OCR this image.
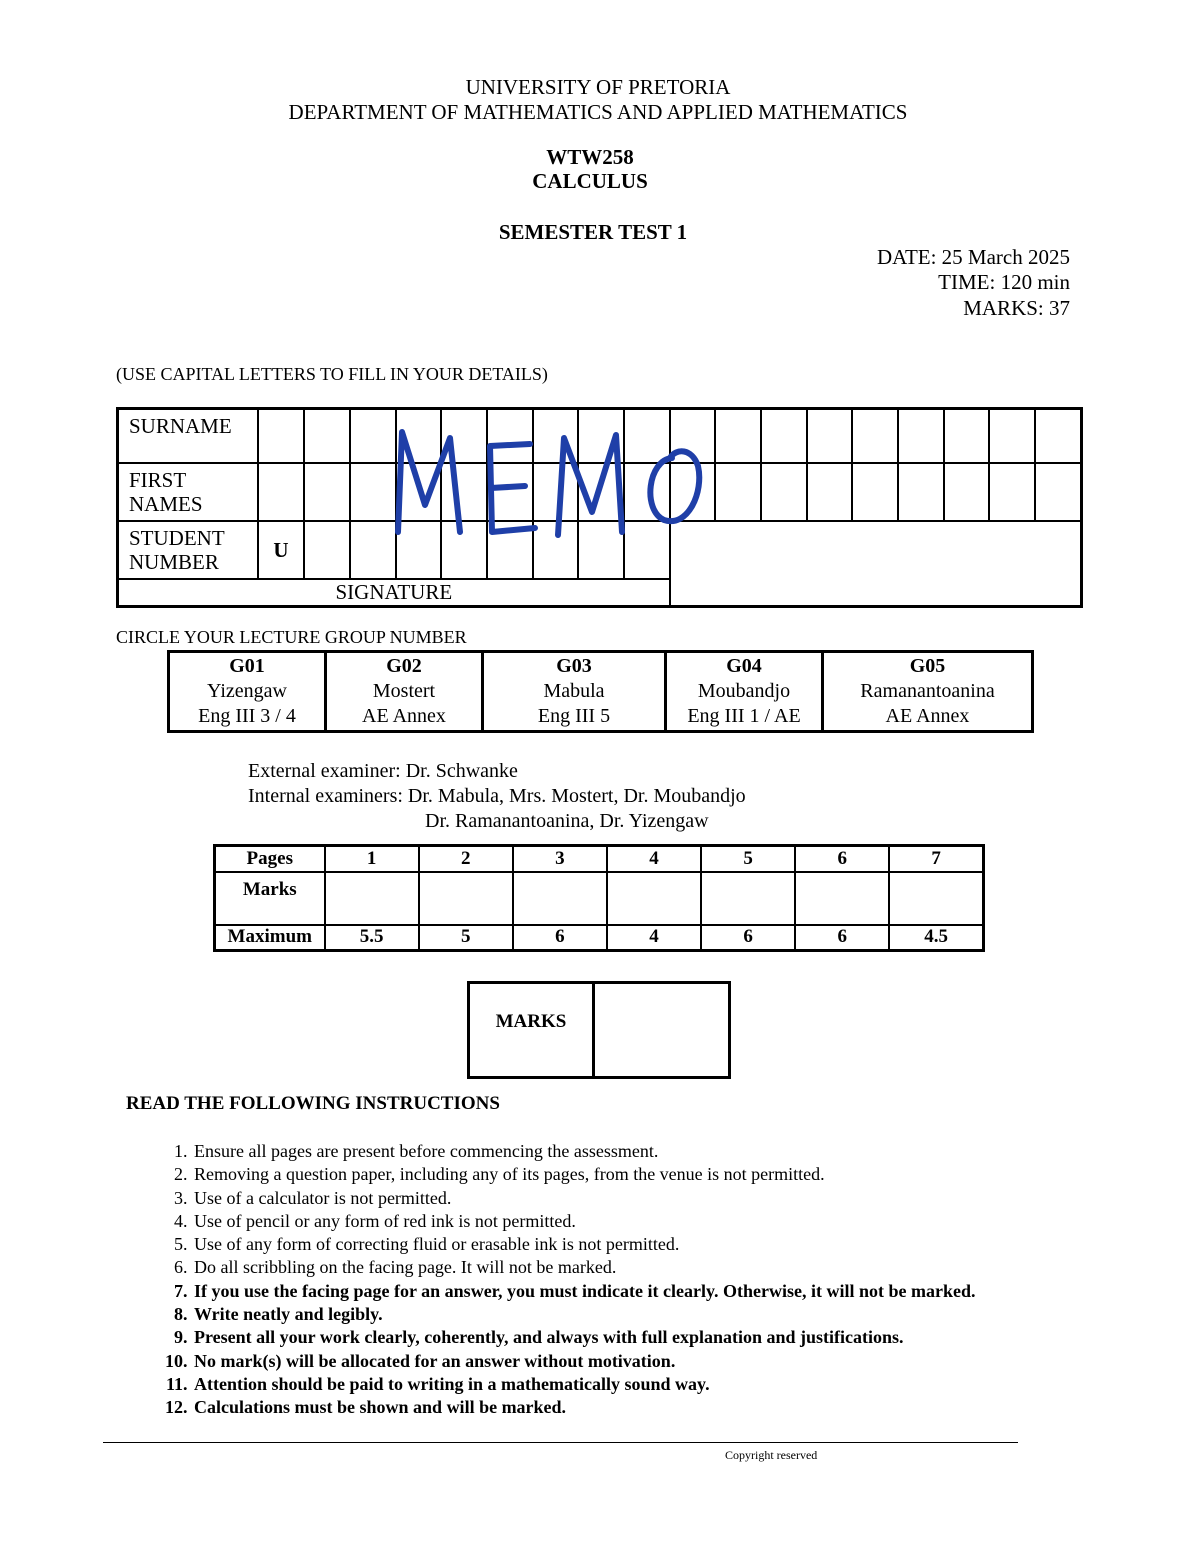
UNIVERSITY OF PRETORIA
DEPARTMENT OF MATHEMATICS AND APPLIED MATHEMATICS
WTW258
CALCULUS
SEMESTER TEST 1
DATE: 25 March 2025
TIME: 120 min
MARKS: 37
(USE CAPITAL LETTERS TO FILL IN YOUR DETAILS)
SURNAME																		
FIRST NAMES																		
STUDENT NUMBER	U																	
SIGNATURE																		
MEMO
CIRCLE YOUR LECTURE GROUP NUMBER
G01
Yizengaw
Eng III 3 / 4

G02
Mostert
AE Annex

G03
Mabula
Eng III 5

G04
Moubandjo
Eng III 1 / AE

G05
Ramanantoanina
AE Annex
External examiner: Dr. Schwanke
Internal examiners: Dr. Mabula, Mrs. Mostert, Dr. Moubandjo
Dr. Ramanantoanina, Dr. Yizengaw
Pages	1	2	3	4	5	6	7
Marks							
Maximum	5.5	5	6	4	6	6	4.5
MARKS
READ THE FOLLOWING INSTRUCTIONS
1. Ensure all pages are present before commencing the assessment.
2. Removing a question paper, including any of its pages, from the venue is not permitted.
3. Use of a calculator is not permitted.
4. Use of pencil or any form of red ink is not permitted.
5. Use of any form of correcting fluid or erasable ink is not permitted.
6. Do all scribbling on the facing page. It will not be marked.
7. If you use the facing page for an answer, you must indicate it clearly. Otherwise, it will not be marked.
8. Write neatly and legibly.
9. Present all your work clearly, coherently, and always with full explanation and justifications.
10. No mark(s) will be allocated for an answer without motivation.
11. Attention should be paid to writing in a mathematically sound way.
12. Calculations must be shown and will be marked.
Copyright reserved
